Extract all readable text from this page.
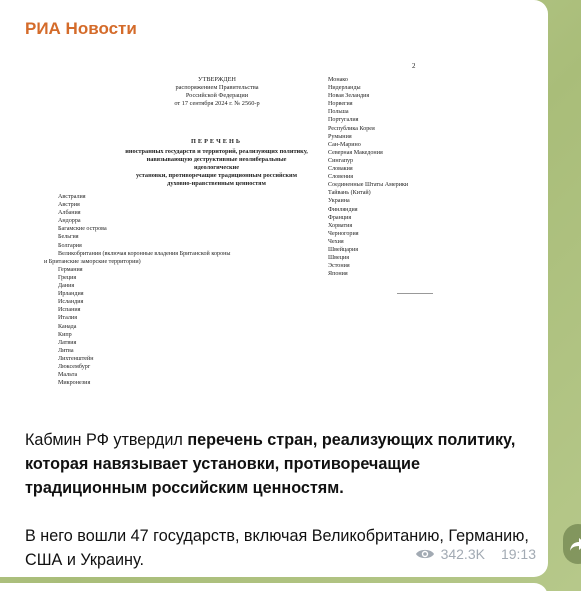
РИА Новости
2
УТВЕРЖДЕН
распоряжением Правительства
Российской Федерации
от 17 сентября 2024 г. № 2560-р
ПЕРЕЧЕНЬ
иностранных государств и территорий, реализующих политику,
навязывающую деструктивные неолиберальные идеологические
установки, противоречащие традиционным российским
духовно-нравственным ценностям
Австралия
Австрия
Албания
Андорра
Багамские острова
Бельгия
Болгария
Великобритания (включая коронные владения Британской короны
и Британские заморские территории)
Германия
Греция
Дания
Ирландия
Исландия
Испания
Италия
Канада
Кипр
Латвия
Литва
Лихтенштейн
Люксембург
Мальта
Микронезия
Монако
Нидерланды
Новая Зеландия
Норвегия
Польша
Португалия
Республика Корея
Румыния
Сан-Марино
Северная Македония
Сингапур
Словакия
Словения
Соединенные Штаты Америки
Тайвань (Китай)
Украина
Финляндия
Франция
Хорватия
Черногория
Чехия
Швейцария
Швеция
Эстония
Япония

Кабмин РФ утвердил перечень стран, реализующих политику, которая навязывает установки, противоречащие традиционным российским ценностям.

В него вошли 47 государств, включая Великобританию, Германию, США и Украину.	342.3K 19:13
